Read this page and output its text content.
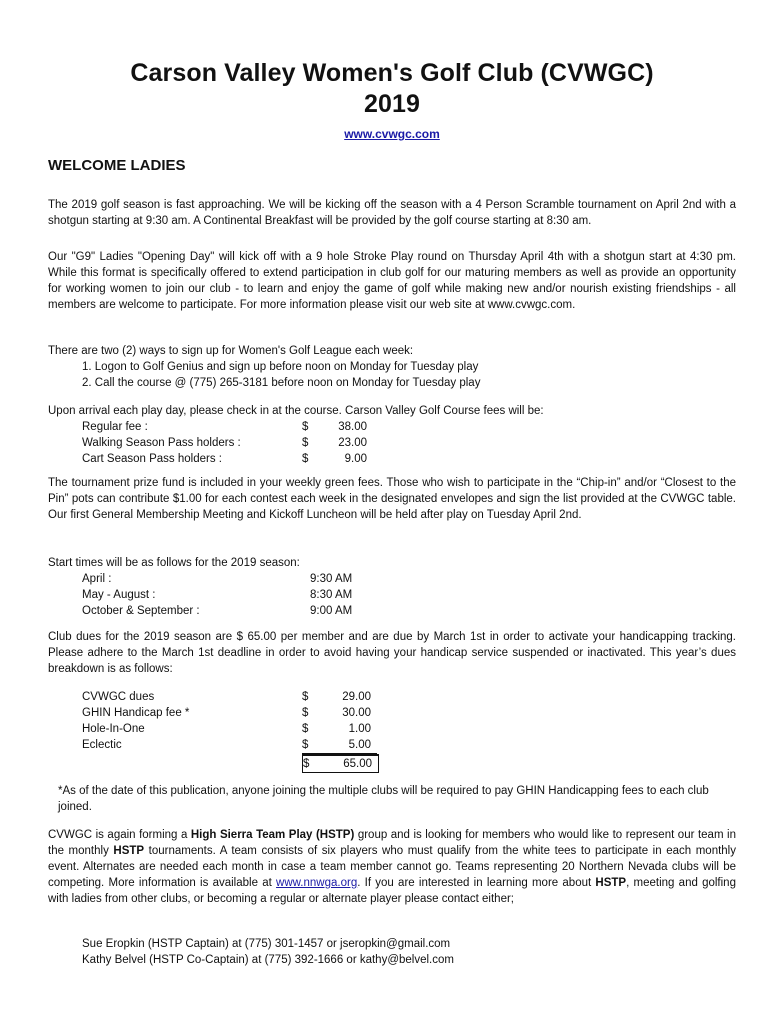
Carson Valley Women's Golf Club (CVWGC)
2019
www.cvwgc.com
WELCOME LADIES

The 2019 golf season is fast approaching. We will be kicking off the season with a 4 Person Scramble tournament on April 2nd with a shotgun starting at 9:30 am. A Continental Breakfast will be provided by the golf course starting at 8:30 am.

Our "G9" Ladies "Opening Day" will kick off with a 9 hole Stroke Play round on Thursday April 4th with a shotgun start at 4:30 pm. While this format is specifically offered to extend participation in club golf for our maturing members as well as provide an opportunity for working women to join our club - to learn and enjoy the game of golf while making new and/or nourish existing friendships - all members are welcome to participate. For more information please visit our web site at www.cvwgc.com.

There are two (2) ways to sign up for Women's Golf League each week:

1. Logon to Golf Genius and sign up before noon on Monday for Tuesday play
2. Call the course @ (775) 265-3181 before noon on Monday for Tuesday play

Upon arrival each play day, please check in at the course. Carson Valley Golf Course fees will be:

Regular fee :	$	38.00
Walking Season Pass holders :	$	23.00
Cart Season Pass holders :	$	9.00

The tournament prize fund is included in your weekly green fees. Those who wish to participate in the “Chip-in” and/or “Closest to the Pin” pots can contribute $1.00 for each contest each week in the designated envelopes and sign the list provided at the CVWGC table. Our first General Membership Meeting and Kickoff Luncheon will be held after play on Tuesday April 2nd.

Start times will be as follows for the 2019 season:

April :	9:30 AM
May - August :	8:30 AM
October & September :	9:00 AM

Club dues for the 2019 season are $ 65.00 per member and are due by March 1st in order to activate your handicapping tracking. Please adhere to the March 1st deadline in order to avoid having your handicap service suspended or inactivated. This year’s dues breakdown is as follows:

CVWGC dues	$	29.00
GHIN Handicap fee *	$	30.00
Hole-In-One	$	1.00
Eclectic	$	5.00
$	65.00
*As of the date of this publication, anyone joining the multiple clubs will be required to pay GHIN Handicapping fees to each club joined.

CVWGC is again forming a High Sierra Team Play (HSTP) group and is looking for members who would like to represent our team in the monthly HSTP tournaments. A team consists of six players who must qualify from the white tees to participate in each monthly event. Alternates are needed each month in case a team member cannot go. Teams representing 20 Northern Nevada clubs will be competing. More information is available at www.nnwga.org. If you are interested in learning more about HSTP, meeting and golfing with ladies from other clubs, or becoming a regular or alternate player please contact either;

Sue Eropkin (HSTP Captain) at (775) 301-1457 or jseropkin@gmail.com
Kathy Belvel (HSTP Co-Captain) at (775) 392-1666 or kathy@belvel.com
